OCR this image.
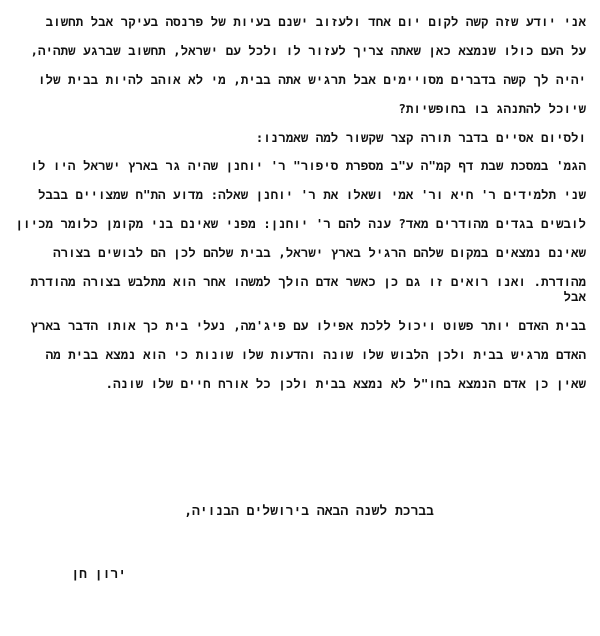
אני יודע שזה קשה לקום יום אחד ולעזוב ישנם בעיות של פרנסה בעיקר אבל תחשוב
על העם כולו שנמצא כאן שאתה צריך לעזור לו ולכל עם ישראל, תחשוב שברגע שתהיה,
יהיה לך קשה בדברים מסויימים אבל תרגיש אתה בבית, מי לא אוהב להיות בבית שלו
שיוכל להתנהג בו בחופשיות?
ולסיום אסיים בדבר תורה קצר שקשור למה שאמרנו:
הגמ' במסכת שבת דף קמ"ה ע"ב מספרת סיפור" ר' יוחנן שהיה גר בארץ ישראל היו לו
שני תלמידים ר' חיא ור' אמי ושאלו את ר' יוחנן שאלה: מדוע הת"ח שמצויים בבבל
לובשים בגדים מהודרים מאד? ענה להם ר' יוחנן: מפני שאינם בני מקומן כלומר מכיון
שאינם נמצאים במקום שלהם הרגיל בארץ ישראל, בבית שלהם לכן הם לבושים בצורה
מהודרת. ואנו רואים זו גם כן כאשר אדם הולך למשהו אחר הוא מתלבש בצורה מהודרת
אבל
בבית האדם יותר פשוט ויכול ללכת אפילו עם פיג'מה, נעלי בית כך אותו הדבר בארץ
האדם מרגיש בבית ולכן הלבוש שלו שונה והדעות שלו שונות כי הוא נמצא בבית מה
שאין כן אדם הנמצא בחו"ל לא נמצא בבית ולכן כל אורח חיים שלו שונה.
בברכת לשנה הבאה בירושלים הבנויה,
ירון חן
